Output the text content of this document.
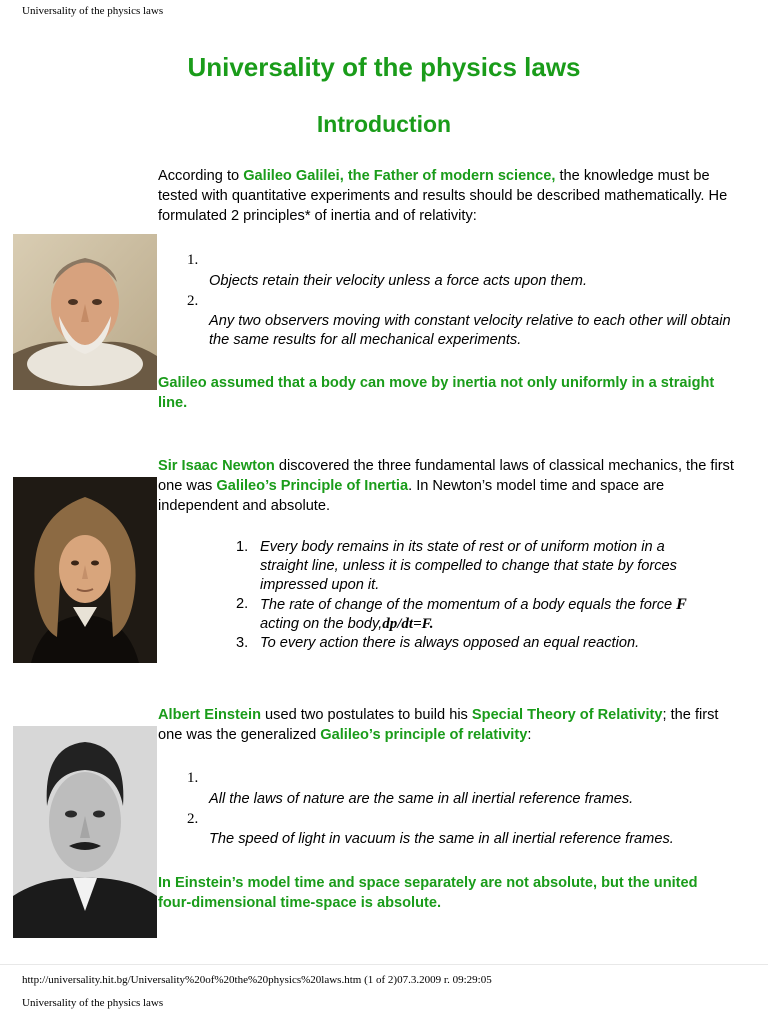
Universality of the physics laws
Universality of the physics laws
Introduction
According to Galileo Galilei, the Father of modern science, the knowledge must be tested with quantitative experiments and results should be described mathematically. He formulated 2 principles* of inertia and of relativity:
1.
Objects retain their velocity unless a force acts upon them.
2.
Any two observers moving with constant velocity relative to each other will obtain the same results for all mechanical experiments.
Galileo assumed that a body can move by inertia not only uniformly in a straight line.
Sir Isaac Newton discovered the three fundamental laws of classical mechanics, the first one was Galileo’s Principle of Inertia. In Newton’s model time and space are independent and absolute.
1. Every body remains in its state of rest or of uniform motion in a straight line, unless it is compelled to change that state by forces impressed upon it.
2. The rate of change of the momentum of a body equals the force F acting on the body,dp/dt=F.
3. To every action there is always opposed an equal reaction.
Albert Einstein used two postulates to build his Special Theory of Relativity; the first one was the generalized Galileo’s principle of relativity:
1.
All the laws of nature are the same in all inertial reference frames.
2.
The speed of light in vacuum is the same in all inertial reference frames.
In Einstein’s model time and space separately are not absolute, but the united four-dimensional time-space is absolute.
http://universality.hit.bg/Universality%20of%20the%20physics%20laws.htm (1 of 2)07.3.2009 г. 09:29:05
Universality of the physics laws
